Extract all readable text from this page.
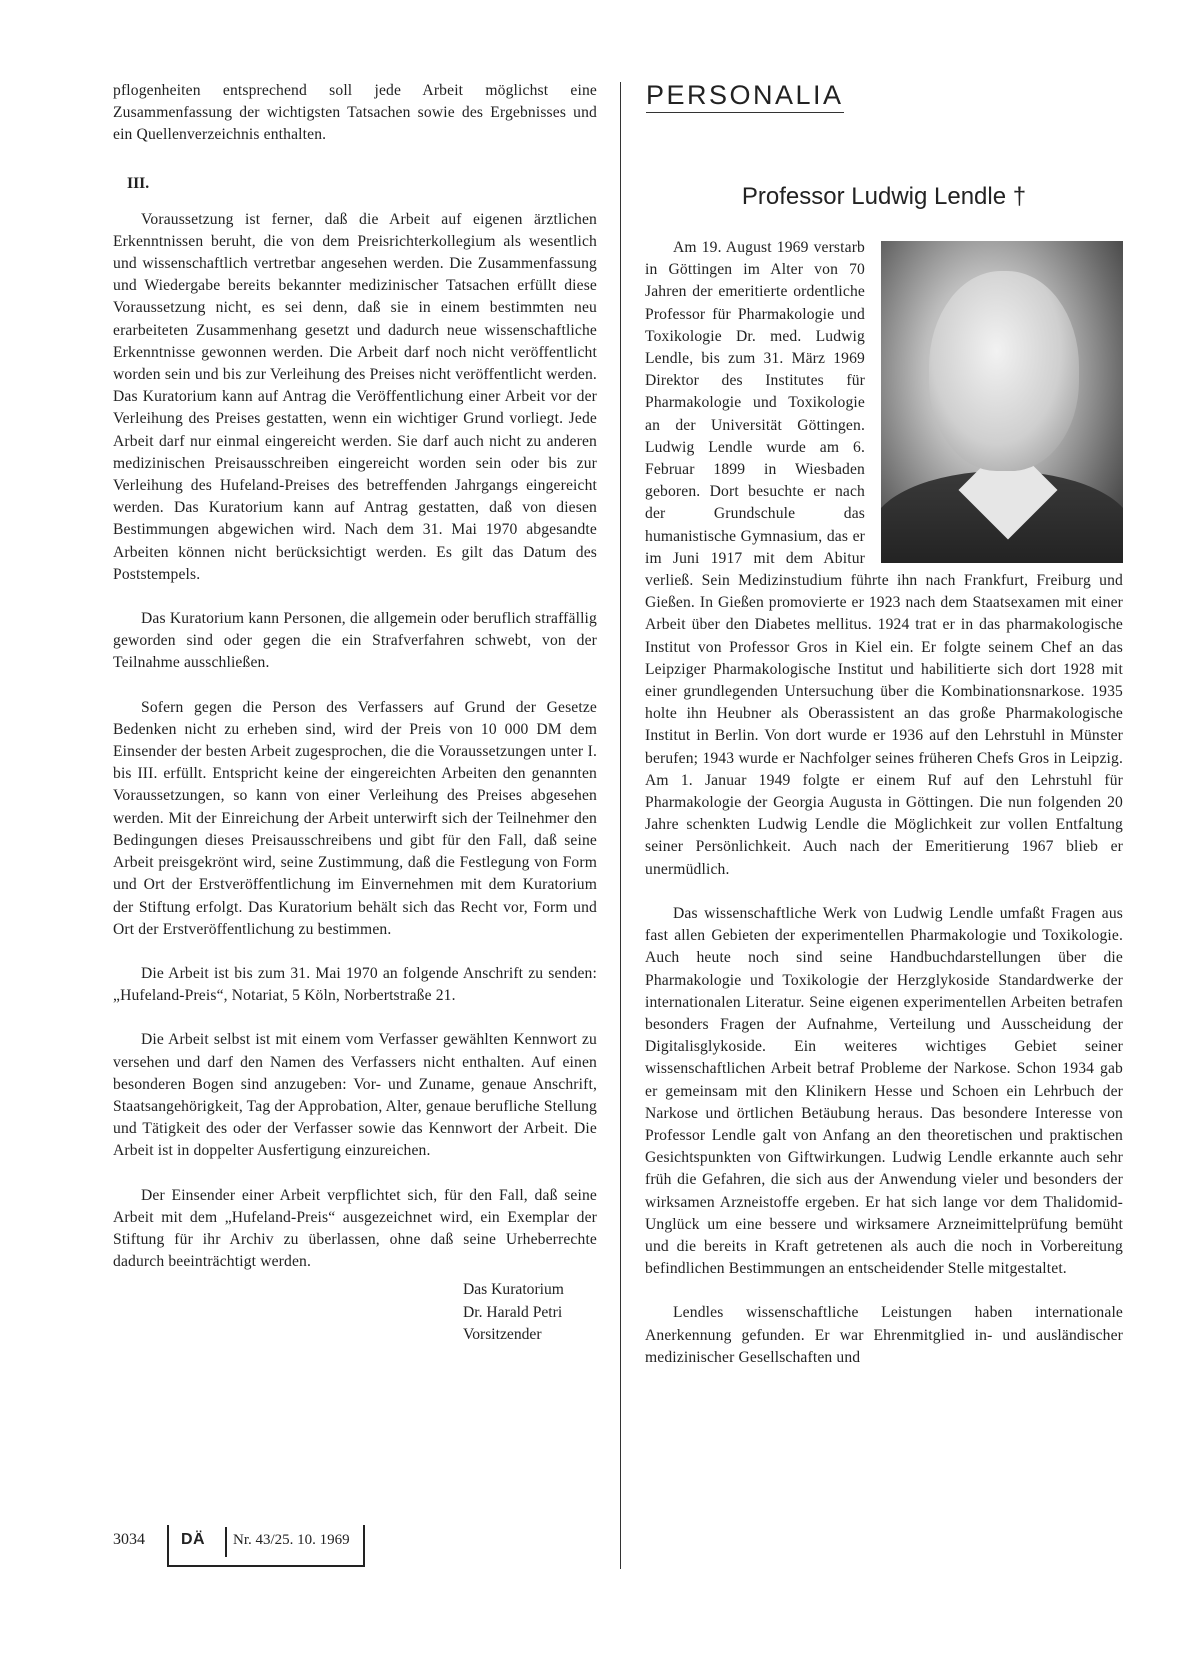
pflogenheiten entsprechend soll jede Arbeit möglichst eine Zusammenfassung der wichtigsten Tatsachen sowie des Ergebnisses und ein Quellenverzeichnis enthalten.

III.

Voraussetzung ist ferner, daß die Arbeit auf eigenen ärztlichen Erkenntnissen beruht, die von dem Preisrichterkollegium als wesentlich und wissenschaftlich vertretbar angesehen werden. Die Zusammenfassung und Wiedergabe bereits bekannter medizinischer Tatsachen erfüllt diese Voraussetzung nicht, es sei denn, daß sie in einem bestimmten neu erarbeiteten Zusammenhang gesetzt und dadurch neue wissenschaftliche Erkenntnisse gewonnen werden. Die Arbeit darf noch nicht veröffentlicht worden sein und bis zur Verleihung des Preises nicht veröffentlicht werden. Das Kuratorium kann auf Antrag die Veröffentlichung einer Arbeit vor der Verleihung des Preises gestatten, wenn ein wichtiger Grund vorliegt. Jede Arbeit darf nur einmal eingereicht werden. Sie darf auch nicht zu anderen medizinischen Preisausschreiben eingereicht worden sein oder bis zur Verleihung des Hufeland-Preises des betreffenden Jahrgangs eingereicht werden. Das Kuratorium kann auf Antrag gestatten, daß von diesen Bestimmungen abgewichen wird. Nach dem 31. Mai 1970 abgesandte Arbeiten können nicht berücksichtigt werden. Es gilt das Datum des Poststempels.

Das Kuratorium kann Personen, die allgemein oder beruflich straffällig geworden sind oder gegen die ein Strafverfahren schwebt, von der Teilnahme ausschließen.

Sofern gegen die Person des Verfassers auf Grund der Gesetze Bedenken nicht zu erheben sind, wird der Preis von 10 000 DM dem Einsender der besten Arbeit zugesprochen, die die Voraussetzungen unter I. bis III. erfüllt. Entspricht keine der eingereichten Arbeiten den genannten Voraussetzungen, so kann von einer Verleihung des Preises abgesehen werden. Mit der Einreichung der Arbeit unterwirft sich der Teilnehmer den Bedingungen dieses Preisausschreibens und gibt für den Fall, daß seine Arbeit preisgekrönt wird, seine Zustimmung, daß die Festlegung von Form und Ort der Erstveröffentlichung im Einvernehmen mit dem Kuratorium der Stiftung erfolgt. Das Kuratorium behält sich das Recht vor, Form und Ort der Erstveröffentlichung zu bestimmen.

Die Arbeit ist bis zum 31. Mai 1970 an folgende Anschrift zu senden: „Hufeland-Preis“, Notariat, 5 Köln, Norbertstraße 21.

Die Arbeit selbst ist mit einem vom Verfasser gewählten Kennwort zu versehen und darf den Namen des Verfassers nicht enthalten. Auf einen besonderen Bogen sind anzugeben: Vor- und Zuname, genaue Anschrift, Staatsangehörigkeit, Tag der Approbation, Alter, genaue berufliche Stellung und Tätigkeit des oder der Verfasser sowie das Kennwort der Arbeit. Die Arbeit ist in doppelter Ausfertigung einzureichen.

Der Einsender einer Arbeit verpflichtet sich, für den Fall, daß seine Arbeit mit dem „Hufeland-Preis“ ausgezeichnet wird, ein Exemplar der Stiftung für ihr Archiv zu überlassen, ohne daß seine Urheberrechte dadurch beeinträchtigt werden.

Das Kuratorium
Dr. Harald Petri
Vorsitzender
PERSONALIA
Professor Ludwig Lendle †

Am 19. August 1969 verstarb in Göttingen im Alter von 70 Jahren der emeritierte ordentliche Professor für Pharmakologie und Toxikologie Dr. med. Ludwig Lendle, bis zum 31. März 1969 Direktor des Institutes für Pharmakologie und Toxikologie an der Universität Göttingen. Ludwig Lendle wurde am 6. Februar 1899 in Wiesbaden geboren. Dort besuchte er nach der Grundschule das humanistische Gymnasium, das er im Juni 1917 mit dem Abitur verließ. Sein Medizinstudium führte ihn nach Frankfurt, Freiburg und Gießen. In Gießen promovierte er 1923 nach dem Staatsexamen mit einer Arbeit über den Diabetes mellitus. 1924 trat er in das pharmakologische Institut von Professor Gros in Kiel ein. Er folgte seinem Chef an das Leipziger Pharmakologische Institut und habilitierte sich dort 1928 mit einer grundlegenden Untersuchung über die Kombinationsnarkose. 1935 holte ihn Heubner als Oberassistent an das große Pharmakologische Institut in Berlin. Von dort wurde er 1936 auf den Lehrstuhl in Münster berufen; 1943 wurde er Nachfolger seines früheren Chefs Gros in Leipzig. Am 1. Januar 1949 folgte er einem Ruf auf den Lehrstuhl für Pharmakologie der Georgia Augusta in Göttingen. Die nun folgenden 20 Jahre schenkten Ludwig Lendle die Möglichkeit zur vollen Entfaltung seiner Persönlichkeit. Auch nach der Emeritierung 1967 blieb er unermüdlich.

Das wissenschaftliche Werk von Ludwig Lendle umfaßt Fragen aus fast allen Gebieten der experimentellen Pharmakologie und Toxikologie. Auch heute noch sind seine Handbuchdarstellungen über die Pharmakologie und Toxikologie der Herzglykoside Standardwerke der internationalen Literatur. Seine eigenen experimentellen Arbeiten betrafen besonders Fragen der Aufnahme, Verteilung und Ausscheidung der Digitalisglykoside. Ein weiteres wichtiges Gebiet seiner wissenschaftlichen Arbeit betraf Probleme der Narkose. Schon 1934 gab er gemeinsam mit den Klinikern Hesse und Schoen ein Lehrbuch der Narkose und örtlichen Betäubung heraus. Das besondere Interesse von Professor Lendle galt von Anfang an den theoretischen und praktischen Gesichtspunkten von Giftwirkungen. Ludwig Lendle erkannte auch sehr früh die Gefahren, die sich aus der Anwendung vieler und besonders der wirksamen Arzneistoffe ergeben. Er hat sich lange vor dem Thalidomid-Unglück um eine bessere und wirksamere Arzneimittelprüfung bemüht und die bereits in Kraft getretenen als auch die noch in Vorbereitung befindlichen Bestimmungen an entscheidender Stelle mitgestaltet.

Lendles wissenschaftliche Leistungen haben internationale Anerkennung gefunden. Er war Ehrenmitglied in- und ausländischer medizinischer Gesellschaften und

3034 DÄ Nr. 43/25. 10. 1969
